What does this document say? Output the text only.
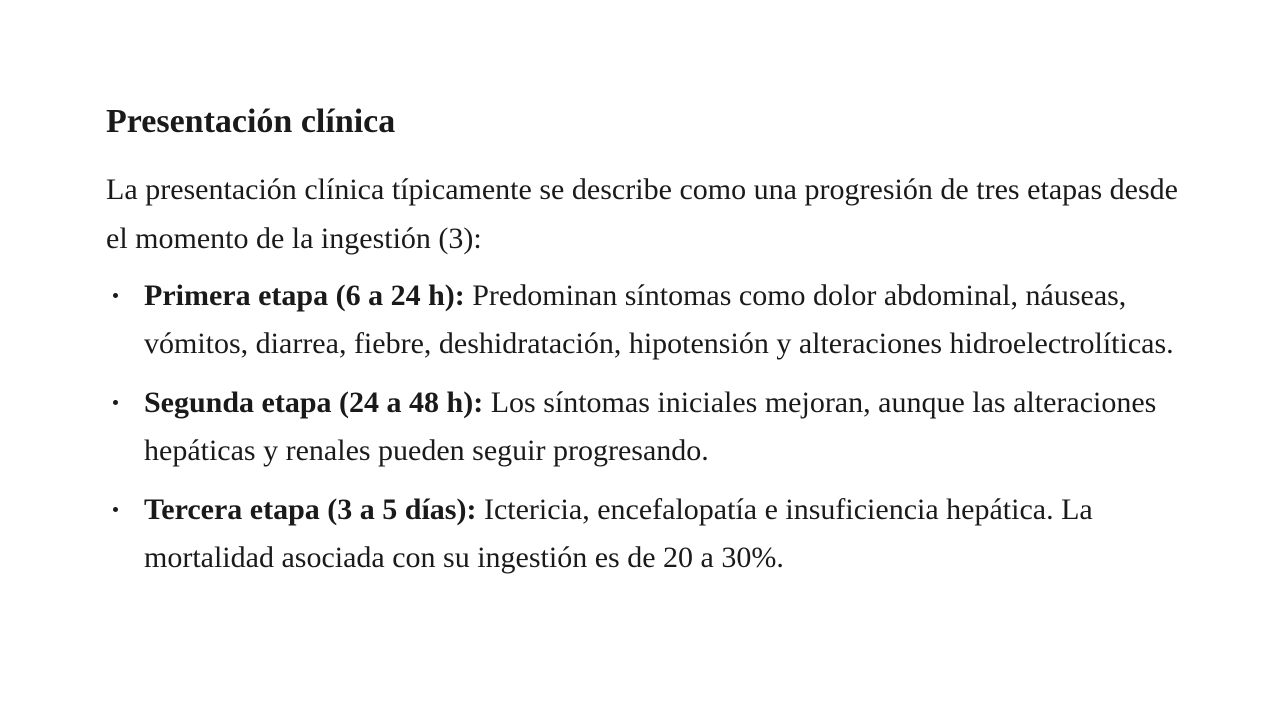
Presentación clínica

La presentación clínica típicamente se describe como una progresión de tres etapas desde el momento de la ingestión (3):

Primera etapa (6 a 24 h): Predominan síntomas como dolor abdominal, náuseas, vómitos, diarrea, fiebre, deshidratación, hipotensión y alteraciones hidroelectrolíticas.
Segunda etapa (24 a 48 h): Los síntomas iniciales mejoran, aunque las alteraciones hepáticas y renales pueden seguir progresando.
Tercera etapa (3 a 5 días): Ictericia, encefalopatía e insuficiencia hepática. La mortalidad asociada con su ingestión es de 20 a 30%.
